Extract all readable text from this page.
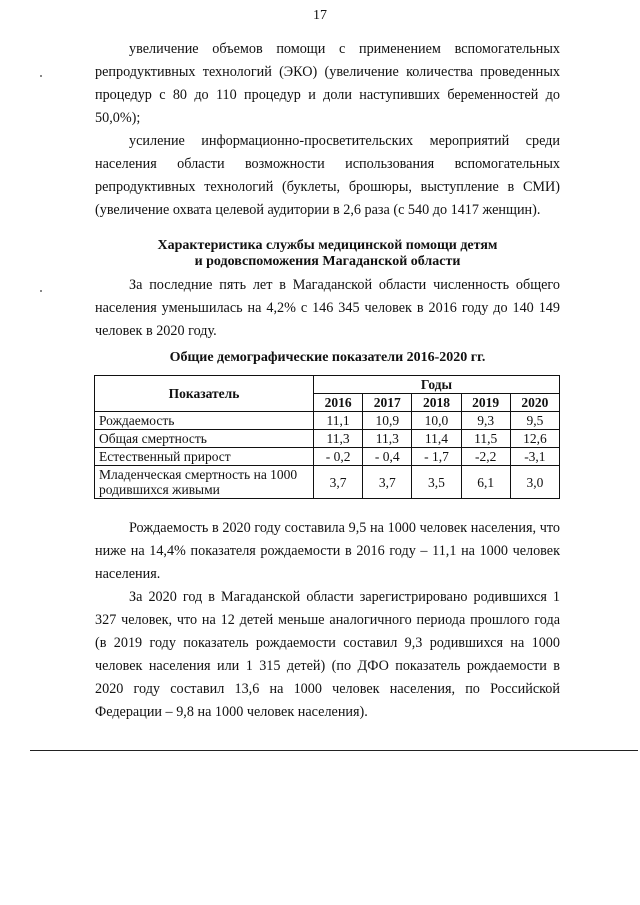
17

увеличение объемов помощи с применением вспомогательных репродуктивных технологий (ЭКО) (увеличение количества проведенных процедур с 80 до 110 процедур и доли наступивших беременностей до 50,0%);

усиление информационно-просветительских мероприятий среди населения области возможности использования вспомогательных репродуктивных технологий (буклеты, брошюры, выступление в СМИ) (увеличение охвата целевой аудитории в 2,6 раза (с 540 до 1417 женщин).

Характеристика службы медицинской помощи детям
и родовспоможения Магаданской области

За последние пять лет в Магаданской области численность общего населения уменьшилась на 4,2% с 146 345 человек в 2016 году до 140 149 человек в 2020 году.

Общие демографические показатели 2016-2020 гг.
Показатель	Годы				
	2016	2017	2018	2019	2020
Рождаемость	11,1	10,9	10,0	9,3	9,5
Общая смертность	11,3	11,3	11,4	11,5	12,6
Естественный прирост	- 0,2	- 0,4	- 1,7	-2,2	-3,1
Младенческая смертность на 1000 родившихся живыми	3,7	3,7	3,5	6,1	3,0

Рождаемость в 2020 году составила 9,5 на 1000 человек населения, что ниже на 14,4% показателя рождаемости в 2016 году – 11,1 на 1000 человек населения.

За 2020 год в Магаданской области зарегистрировано родившихся 1 327 человек, что на 12 детей меньше аналогичного периода прошлого года (в 2019 году показатель рождаемости составил 9,3 родившихся на 1000 человек населения или 1 315 детей) (по ДФО показатель рождаемости в 2020 году составил 13,6 на 1000 человек населения, по Российской Федерации – 9,8 на 1000 человек населения).
